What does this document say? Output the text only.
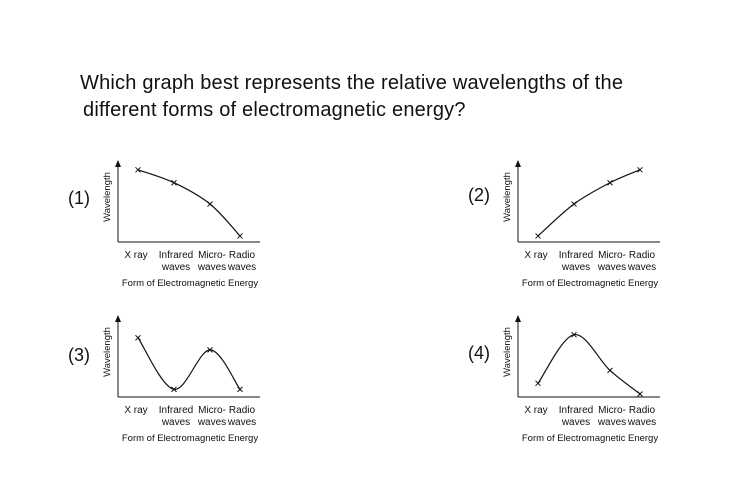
Which graph best represents the relative wavelengths of the
different forms of electromagnetic energy?
(1) Wavelength
X ray Infrared
waves
Micro-
waves
Radio
waves
Form of Electromagnetic Energy
(2) Wavelength
X ray Infrared
waves
Micro-
waves
Radio
waves
Form of Electromagnetic Energy
(3) Wavelength
X ray Infrared
waves
Micro-
waves
Radio
waves
Form of Electromagnetic Energy
(4) Wavelength
X ray Infrared
waves
Micro-
waves
Radio
waves
Form of Electromagnetic Energy
